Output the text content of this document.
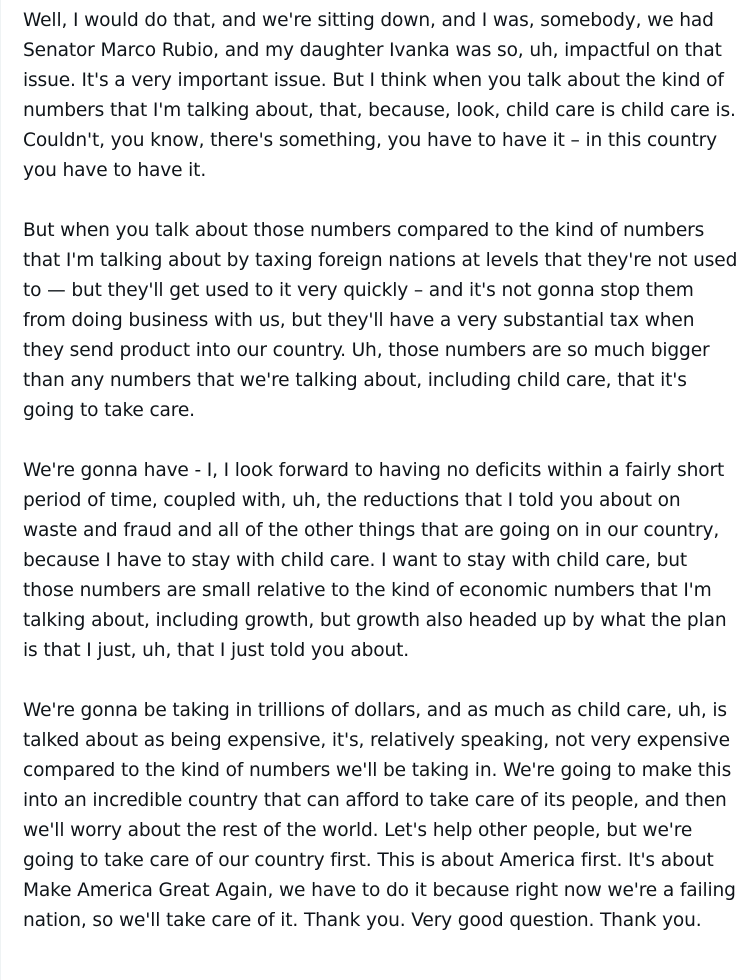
Well, I would do that, and we're sitting down, and I was, somebody, we had Senator Marco Rubio, and my daughter Ivanka was so, uh, impactful on that issue. It's a very important issue. But I think when you talk about the kind of numbers that I'm talking about, that, because, look, child care is child care is. Couldn't, you know, there's something, you have to have it – in this country you have to have it.

But when you talk about those numbers compared to the kind of numbers that I'm talking about by taxing foreign nations at levels that they're not used to — but they'll get used to it very quickly – and it's not gonna stop them from doing business with us, but they'll have a very substantial tax when they send product into our country. Uh, those numbers are so much bigger than any numbers that we're talking about, including child care, that it's going to take care.

We're gonna have - I, I look forward to having no deficits within a fairly short period of time, coupled with, uh, the reductions that I told you about on waste and fraud and all of the other things that are going on in our country, because I have to stay with child care. I want to stay with child care, but those numbers are small relative to the kind of economic numbers that I'm talking about, including growth, but growth also headed up by what the plan is that I just, uh, that I just told you about.

We're gonna be taking in trillions of dollars, and as much as child care, uh, is talked about as being expensive, it's, relatively speaking, not very expensive compared to the kind of numbers we'll be taking in. We're going to make this into an incredible country that can afford to take care of its people, and then we'll worry about the rest of the world. Let's help other people, but we're going to take care of our country first. This is about America first. It's about Make America Great Again, we have to do it because right now we're a failing nation, so we'll take care of it. Thank you. Very good question. Thank you.
